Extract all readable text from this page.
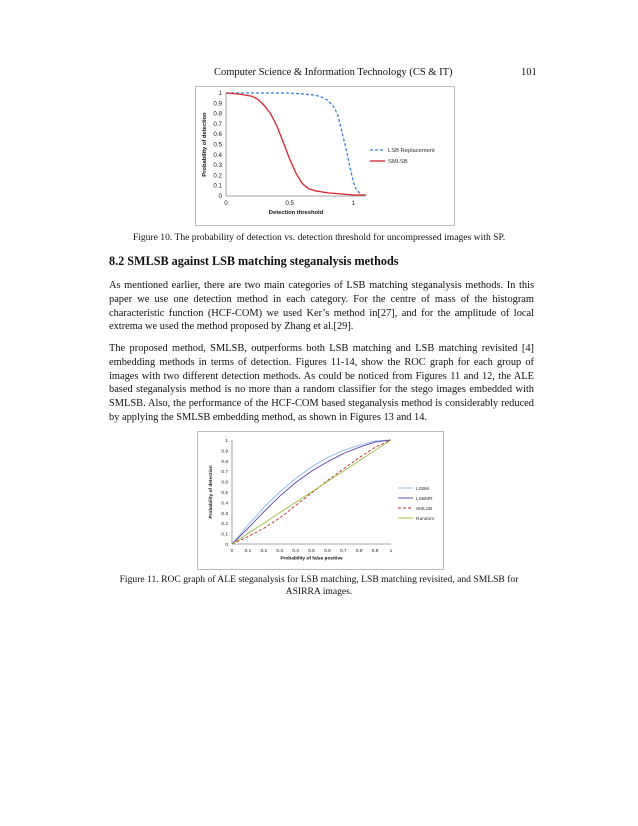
Computer Science & Information Technology (CS & IT)	101
0
0.1
0.2
0.3
0.4
0.5
0.6
0.7
0.8
0.9
1
0	0.5	1
Detection threshold
Probability of detection	LSB Replacement
SMLSB
Figure 10. The probability of detection vs. detection threshold for uncompressed images with SP.
8.2 SMLSB against LSB matching steganalysis methods

As mentioned earlier, there are two main categories of LSB matching steganalysis methods. In this paper we use one detection method in each category. For the centre of mass of the histogram characteristic function (HCF-COM) we used Ker’s method in[27], and for the amplitude of local extrema we used the method proposed by Zhang et al.[29].

The proposed method, SMLSB, outperforms both LSB matching and LSB matching revisited [4] embedding methods in terms of detection. Figures 11-14, show the ROC graph for each group of images with two different detection methods. As could be noticed from Figures 11 and 12, the ALE based steganalysis method is no more than a random classifier for the stego images embedded with SMLSB. Also, the performance of the HCF-COM based steganalysis method is considerably reduced by applying the SMLSB embedding method, as shown in Figures 13 and 14.

0
0.1
0.2
0.3
0.4
0.5
0.6
0.7
0.8
0.9
1
0 0.1 0.2 0.3 0.4 0.5 0.6 0.7 0.8 0.9 1
Probability of false positive
Probability of detection	LSBM
LSBMR
SMLSB
Random
Figure 11. ROC graph of ALE steganalysis for LSB matching, LSB matching revisited, and SMLSB for ASIRRA images.
